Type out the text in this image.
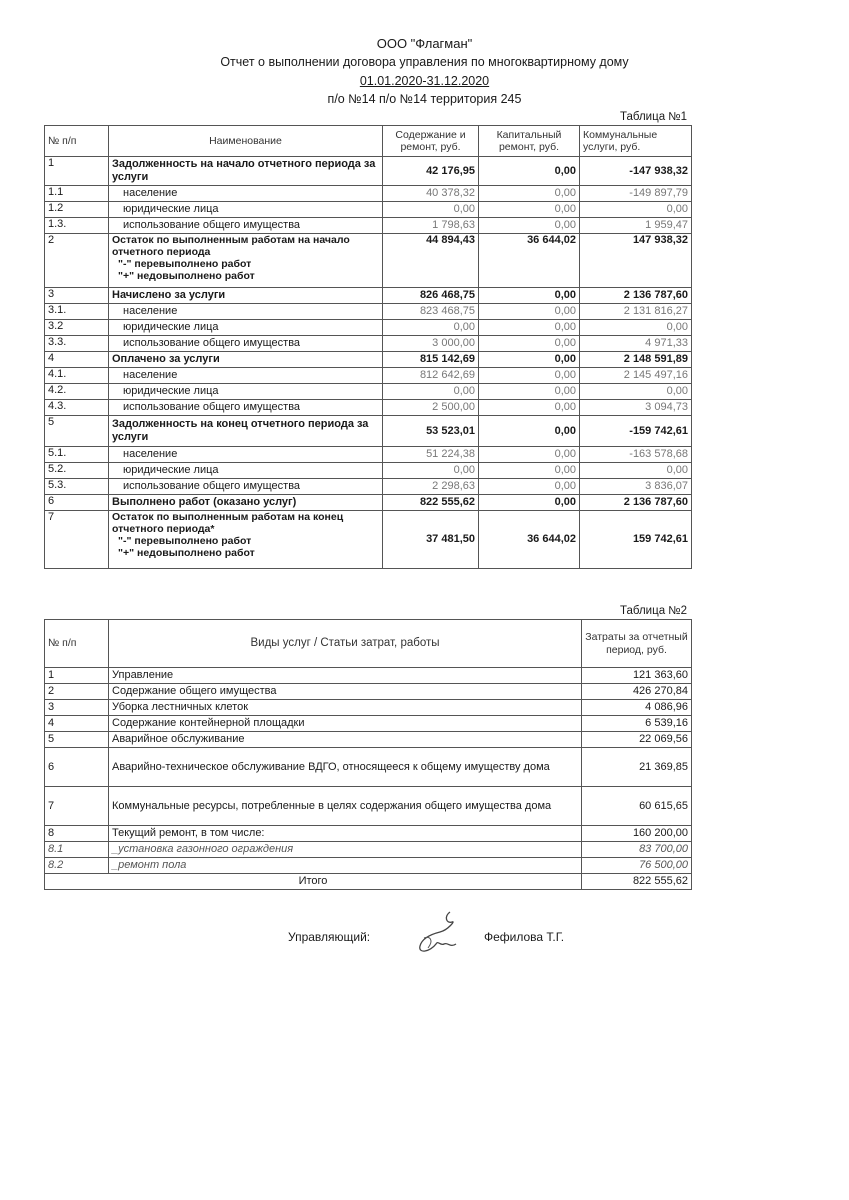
ООО "Флагман"
Отчет о выполнении договора управления по многоквартирному дому
01.01.2020-31.12.2020
п/о №14 п/о №14 территория 245
Таблица №1
№ п/п	Наименование	Содержание и ремонт, руб.	Капитальный ремонт, руб.	Коммунальные услуги, руб.
1	Задолженность на начало отчетного периода за услуги	42 176,95	0,00	-147 938,32
1.1	население	40 378,32	0,00	-149 897,79
1.2	юридические лица	0,00	0,00	0,00
1.3.	использование общего имущества	1 798,63	0,00	1 959,47
2	Остаток по выполненным работам на начало отчетного периода
"-" перевыполнено работ
"+" недовыполнено работ	44 894,43	36 644,02	147 938,32
3	Начислено за услуги	826 468,75	0,00	2 136 787,60
3.1.	население	823 468,75	0,00	2 131 816,27
3.2	юридические лица	0,00	0,00	0,00
3.3.	использование общего имущества	3 000,00	0,00	4 971,33
4	Оплачено за услуги	815 142,69	0,00	2 148 591,89
4.1.	население	812 642,69	0,00	2 145 497,16
4.2.	юридические лица	0,00	0,00	0,00
4.3.	использование общего имущества	2 500,00	0,00	3 094,73
5	Задолженность на конец отчетного периода за услуги	53 523,01	0,00	-159 742,61
5.1.	население	51 224,38	0,00	-163 578,68
5.2.	юридические лица	0,00	0,00	0,00
5.3.	использование общего имущества	2 298,63	0,00	3 836,07
6	Выполнено работ (оказано услуг)	822 555,62	0,00	2 136 787,60
7	Остаток по выполненным работам на конец отчетного периода*
"-" перевыполнено работ
"+" недовыполнено работ	37 481,50	36 644,02	159 742,61
Таблица №2
№ п/п	Виды услуг / Статьи затрат, работы	Затраты за отчетный период, руб.
1	Управление	121 363,60
2	Содержание общего имущества	426 270,84
3	Уборка лестничных клеток	4 086,96
4	Содержание контейнерной площадки	6 539,16
5	Аварийное обслуживание	22 069,56
6	Аварийно-техническое обслуживание ВДГО, относящееся к общему имуществу дома	21 369,85
7	Коммунальные ресурсы, потребленные в целях содержания общего имущества дома	60 615,65
8	Текущий ремонт, в том числе:	160 200,00
8.1	_установка газонного ограждения	83 700,00
8.2	_ремонт пола	76 500,00
Итого		822 555,62
Управляющий:	Фефилова Т.Г.
